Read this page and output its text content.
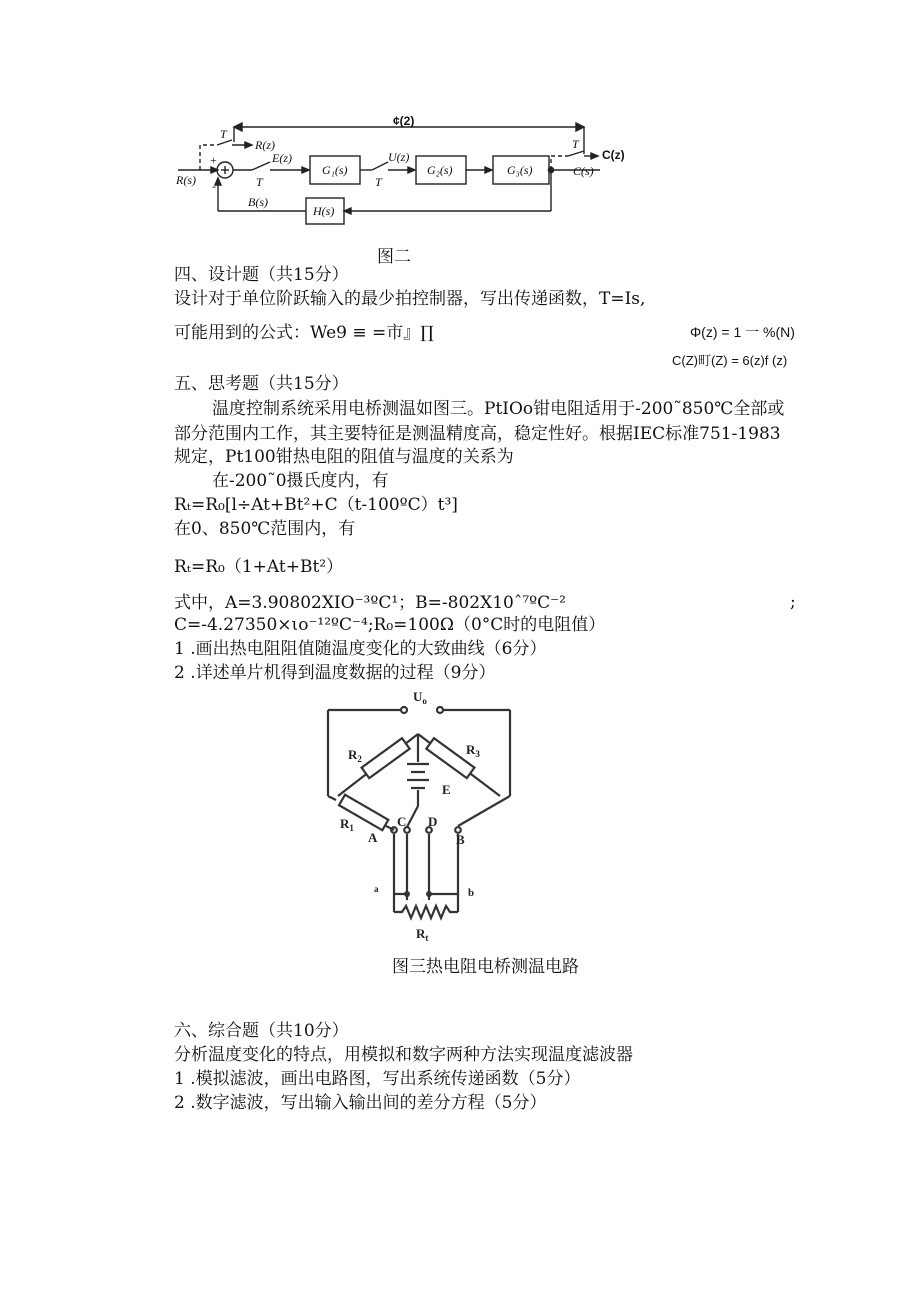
¢(2)
T
R(z)
R(s)
+
-
E(z)
T
G₁(s)
U(z)
T
G₂(s)	G₃(s)
T
C(z)
C(s)
H(s)
B(s)
图二
四、设计题（共15分）
设计对于单位阶跃输入的最少拍控制器，写出传递函数，T=Is,
可能用到的公式：We9 ≡ =市』∏	Φ(z) = 1 一 %(N)
C(Z)町(Z) = 6(z)f (z)
五、思考题（共15分）
温度控制系统采用电桥测温如图三。PtIOo钳电阻适用于-200˜850℃全部或
部分范围内工作，其主要特征是测温精度高，稳定性好。根据IEC标准751-1983
规定，Pt100钳热电阻的阻值与温度的关系为
在-200˜0摄氏度内，有
Rₜ=R₀[l÷At+Bt²+C（t-100ºC）t³]
在0、850℃范围内，有
Rₜ=R₀（1+At+Bt²）
式中，A=3.90802XIO⁻³ºC¹；B=-802X10ˆ⁷ºC⁻²	;
C=-4.27350×ιo⁻¹²ºC⁻⁴;R₀=100Ω（0°C时的电阻值）
1 .画出热电阻阻值随温度变化的大致曲线（6分）
2 .详述单片机得到温度数据的过程（9分）
$U_o$
$R_2$
$R_3$
E
$R_1$
A
C D
B
a	b
$R_t$
图三热电阻电桥测温电路
六、综合题（共10分）
分析温度变化的特点，用模拟和数字两种方法实现温度滤波器
1 .模拟滤波，画出电路图，写出系统传递函数（5分）
2 .数字滤波，写出输入输出间的差分方程（5分）
